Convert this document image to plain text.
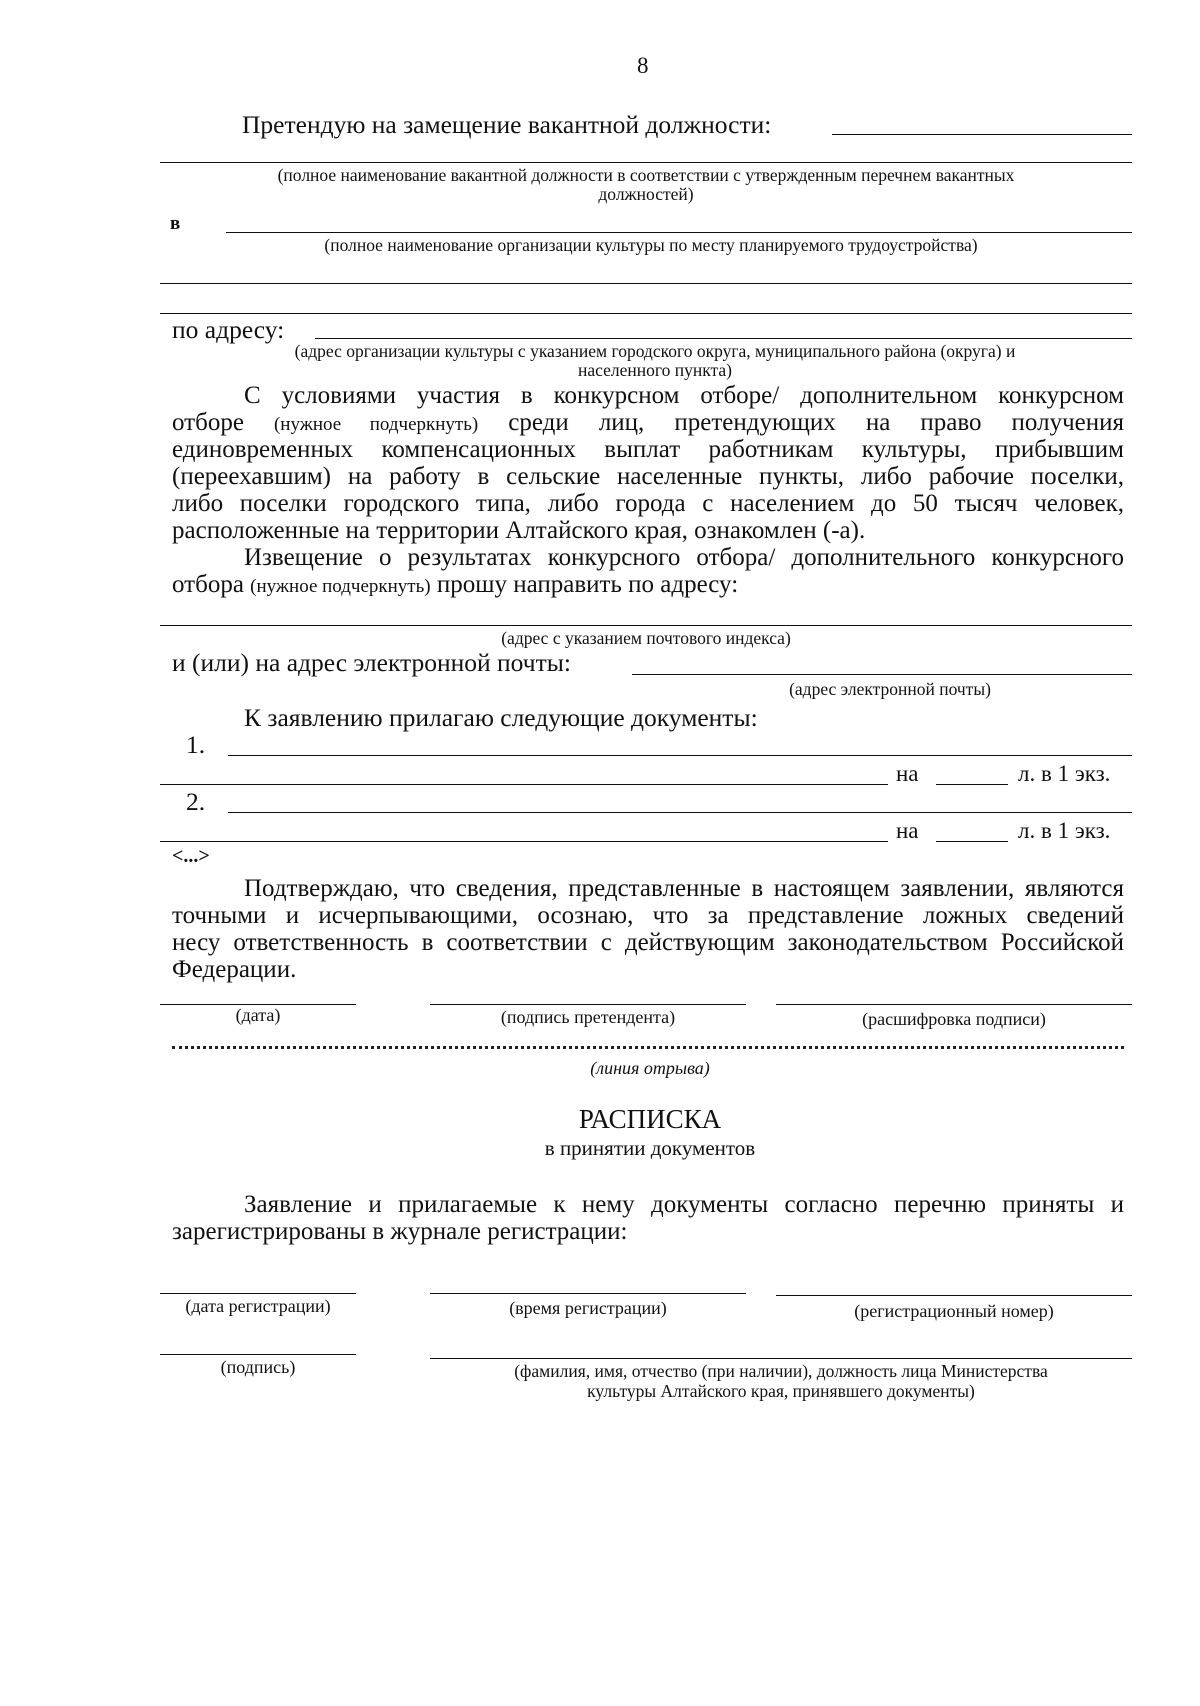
8
Претендую на замещение вакантной должности:
(полное наименование вакантной должности в соответствии с утвержденным перечнем вакантных
должностей)
в
(полное наименование организации культуры по месту планируемого трудоустройства)
по адресу:
(адрес организации культуры с указанием городского округа, муниципального района (округа) и
населенного пункта)
С условиями участия в конкурсном отборе/ дополнительном конкурсном
отборе (нужное подчеркнуть) среди лиц, претендующих на право получения
единовременных компенсационных выплат работникам культуры, прибывшим
(переехавшим) на работу в сельские населенные пункты, либо рабочие поселки,
либо поселки городского типа, либо города с населением до 50 тысяч человек,
расположенные на территории Алтайского края, ознакомлен (-а).
Извещение о результатах конкурсного отбора/ дополнительного конкурсного
отбора (нужное подчеркнуть) прошу направить по адресу:
(адрес с указанием почтового индекса)
и (или) на адрес электронной почты:
(адрес электронной почты)
К заявлению прилагаю следующие документы:
1.
на	л. в 1 экз.
2.
на	л. в 1 экз.
<...>
Подтверждаю, что сведения, представленные в настоящем заявлении, являются
точными и исчерпывающими, осознаю, что за представление ложных сведений
несу ответственность в соответствии с действующим законодательством Российской
Федерации.
(дата)	(подпись претендента)	(расшифровка подписи)
(линия отрыва)
РАСПИСКА
в принятии документов
Заявление и прилагаемые к нему документы согласно перечню приняты и
зарегистрированы в журнале регистрации:
(дата регистрации)	(время регистрации)	(регистрационный номер)
(подпись)	(фамилия, имя, отчество (при наличии), должность лица Министерства
культуры Алтайского края, принявшего документы)
